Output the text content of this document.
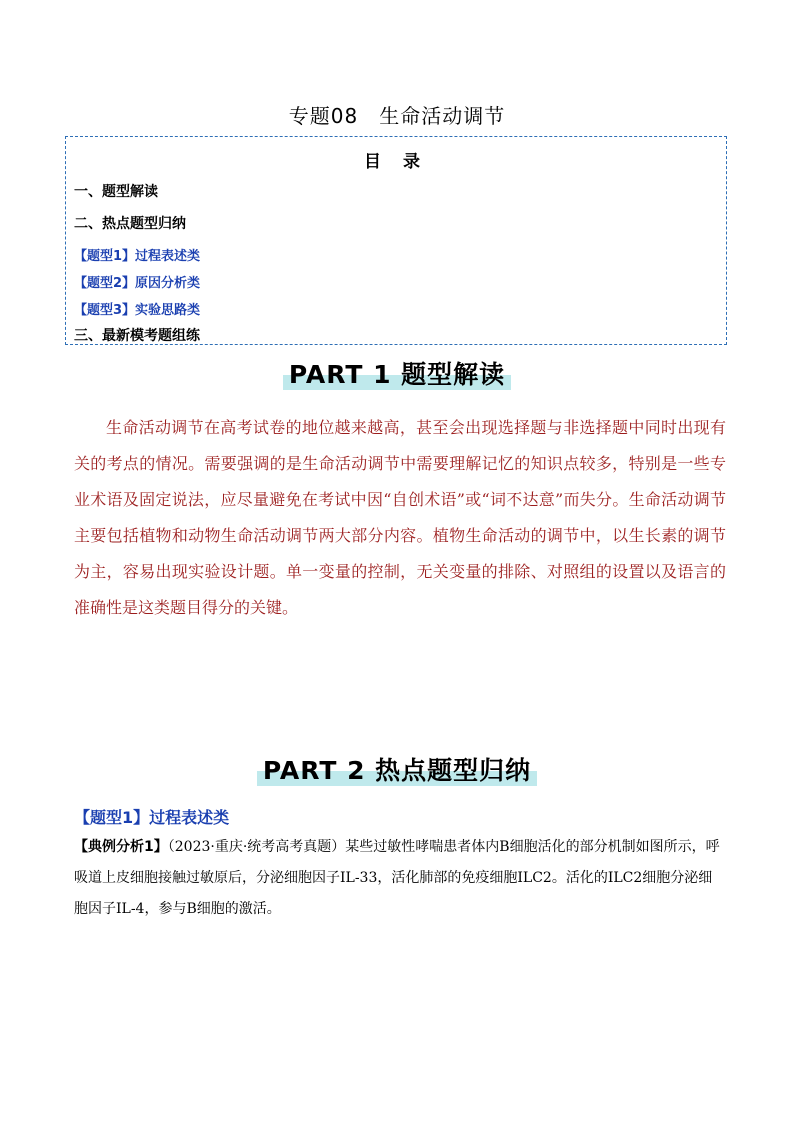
专题08　生命活动调节
目 录
一、题型解读
二、热点题型归纳
【题型1】过程表述类
【题型2】原因分析类
【题型3】实验思路类
三、最新模考题组练
PART 1 题型解读

生命活动调节在高考试卷的地位越来越高，甚至会出现选择题与非选择题中同时出现有关的考点的情况。需要强调的是生命活动调节中需要理解记忆的知识点较多，特别是一些专业术语及固定说法，应尽量避免在考试中因“自创术语”或“词不达意”而失分。生命活动调节主要包括植物和动物生命活动调节两大部分内容。植物生命活动的调节中，以生长素的调节为主，容易出现实验设计题。单一变量的控制，无关变量的排除、对照组的设置以及语言的准确性是这类题目得分的关键。

PART 2 热点题型归纳
【题型1】过程表述类

【典例分析1】（2023·重庆·统考高考真题）某些过敏性哮喘患者体内B细胞活化的部分机制如图所示，呼吸道上皮细胞接触过敏原后，分泌细胞因子IL-33，活化肺部的免疫细胞ILC2。活化的ILC2细胞分泌细胞因子IL-4，参与B细胞的激活。
